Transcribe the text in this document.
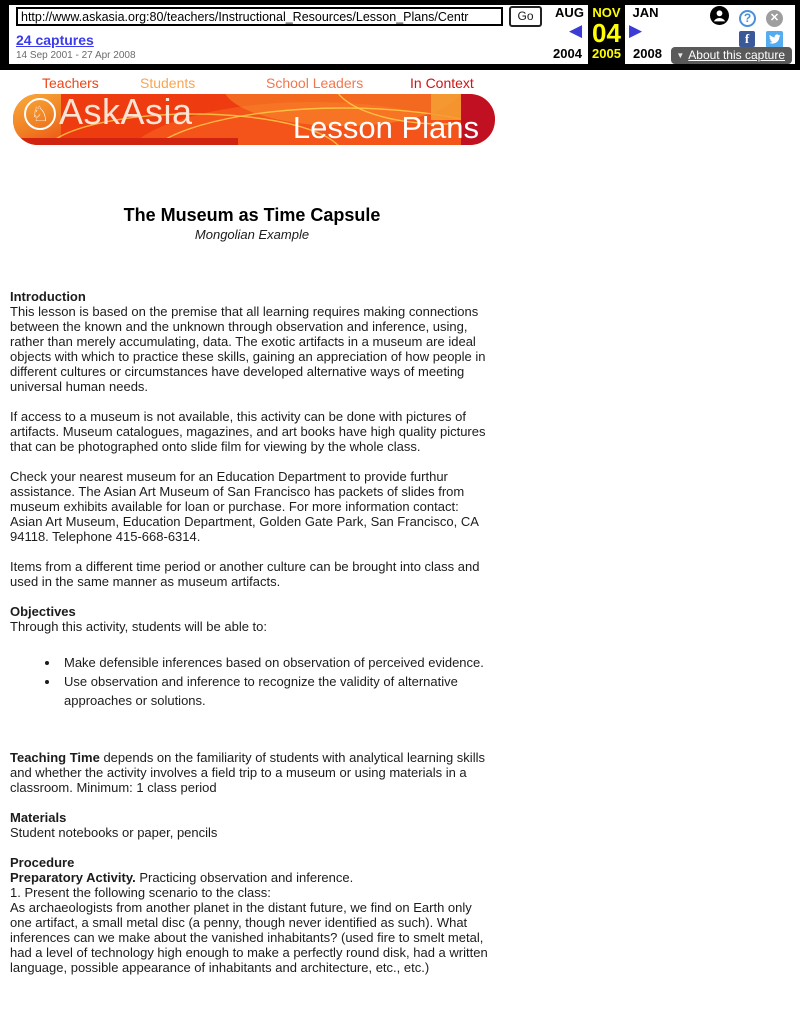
http://www.askasia.org:80/teachers/Instructional_Resources/Lesson_Plans/Centr
Go
24 captures
14 Sep 2001 - 27 Apr 2008
AUG NOV JAN
◀ 04 ▶
2004 2005 2008
?	✕
f
▼ About this capture
Teachers	Students	School Leaders	In Context
♘ AskAsia	Lesson Plans
The Museum as Time Capsule
Mongolian Example
Introduction

This lesson is based on the premise that all learning requires making connections between the known and the unknown through observation and inference, using, rather than merely accumulating, data. The exotic artifacts in a museum are ideal objects with which to practice these skills, gaining an appreciation of how people in different cultures or circumstances have developed alternative ways of meeting universal human needs.

If access to a museum is not available, this activity can be done with pictures of artifacts. Museum catalogues, magazines, and art books have high quality pictures that can be photographed onto slide film for viewing by the whole class.

Check your nearest museum for an Education Department to provide furthur assistance. The Asian Art Museum of San Francisco has packets of slides from museum exhibits available for loan or purchase. For more information contact: Asian Art Museum, Education Department, Golden Gate Park, San Francisco, CA 94118. Telephone 415-668-6314.

Items from a different time period or another culture can be brought into class and used in the same manner as museum artifacts.

Objectives

Through this activity, students will be able to:

• Make defensible inferences based on observation of perceived evidence.
• Use observation and inference to recognize the validity of alternative approaches or solutions.

Teaching Time depends on the familiarity of students with analytical learning skills and whether the activity involves a field trip to a museum or using materials in a classroom. Minimum: 1 class period

Materials

Student notebooks or paper, pencils

Procedure

Preparatory Activity. Practicing observation and inference.

1. Present the following scenario to the class:

As archaeologists from another planet in the distant future, we find on Earth only one artifact, a small metal disc (a penny, though never identified as such). What inferences can we make about the vanished inhabitants? (used fire to smelt metal, had a level of technology high enough to make a perfectly round disk, had a written language, possible appearance of inhabitants and architecture, etc., etc.)
